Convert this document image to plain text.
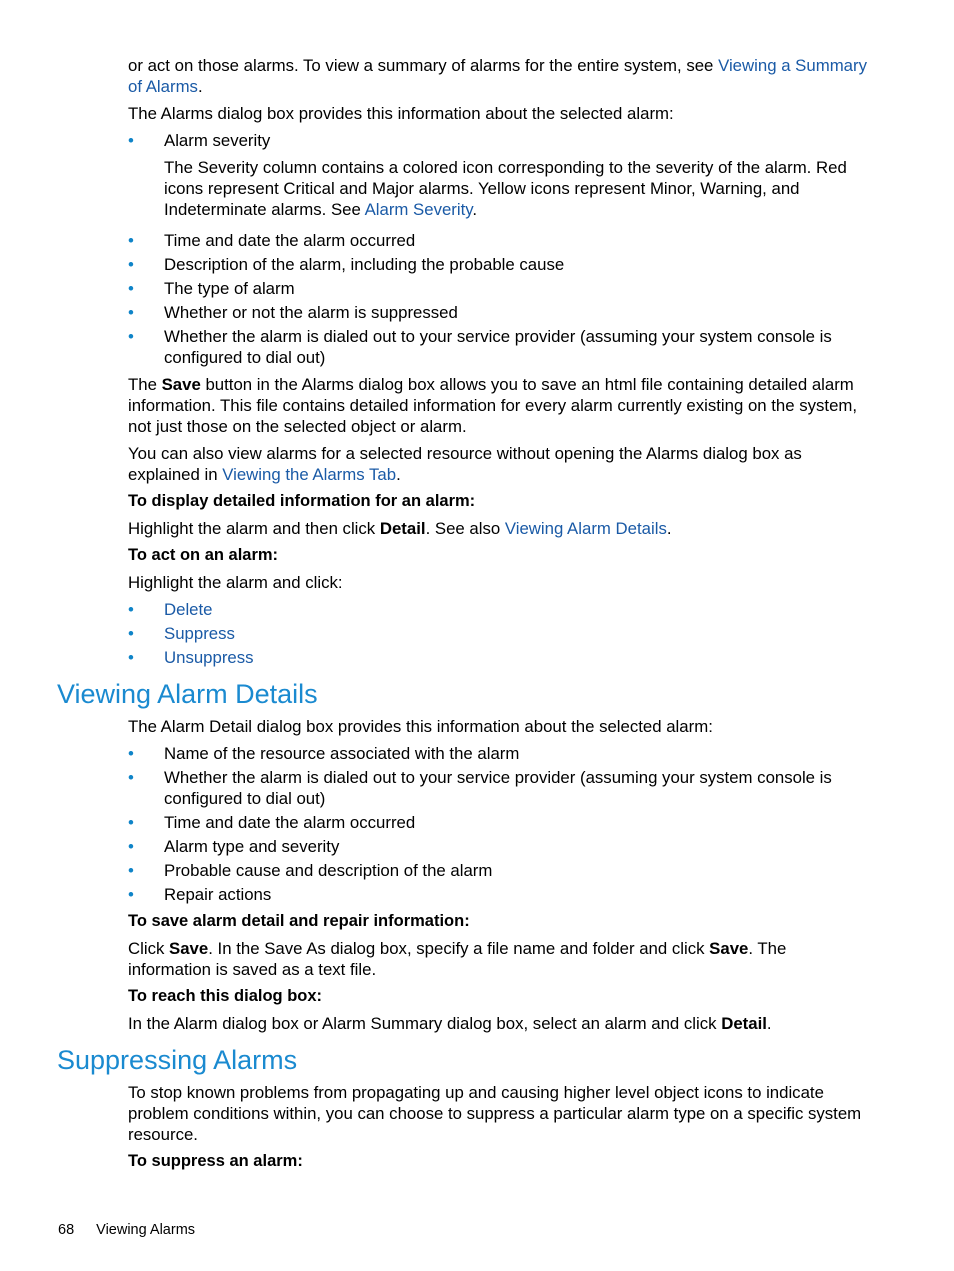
or act on those alarms. To view a summary of alarms for the entire system, see Viewing a Summary of Alarms.

The Alarms dialog box provides this information about the selected alarm:

• Alarm severity
The Severity column contains a colored icon corresponding to the severity of the alarm. Red icons represent Critical and Major alarms. Yellow icons represent Minor, Warning, and Indeterminate alarms. See Alarm Severity.
• Time and date the alarm occurred
• Description of the alarm, including the probable cause
• The type of alarm
• Whether or not the alarm is suppressed
• Whether the alarm is dialed out to your service provider (assuming your system console is configured to dial out)

The Save button in the Alarms dialog box allows you to save an html file containing detailed alarm information. This file contains detailed information for every alarm currently existing on the system, not just those on the selected object or alarm.

You can also view alarms for a selected resource without opening the Alarms dialog box as explained in Viewing the Alarms Tab.

To display detailed information for an alarm:

Highlight the alarm and then click Detail. See also Viewing Alarm Details.

To act on an alarm:

Highlight the alarm and click:

• Delete
• Suppress
• Unsuppress
Viewing Alarm Details

The Alarm Detail dialog box provides this information about the selected alarm:

• Name of the resource associated with the alarm
• Whether the alarm is dialed out to your service provider (assuming your system console is configured to dial out)
• Time and date the alarm occurred
• Alarm type and severity
• Probable cause and description of the alarm
• Repair actions
To save alarm detail and repair information:

Click Save. In the Save As dialog box, specify a file name and folder and click Save. The information is saved as a text file.

To reach this dialog box:

In the Alarm dialog box or Alarm Summary dialog box, select an alarm and click Detail.

Suppressing Alarms

To stop known problems from propagating up and causing higher level object icons to indicate problem conditions within, you can choose to suppress a particular alarm type on a specific system resource.

To suppress an alarm:
68 Viewing Alarms
